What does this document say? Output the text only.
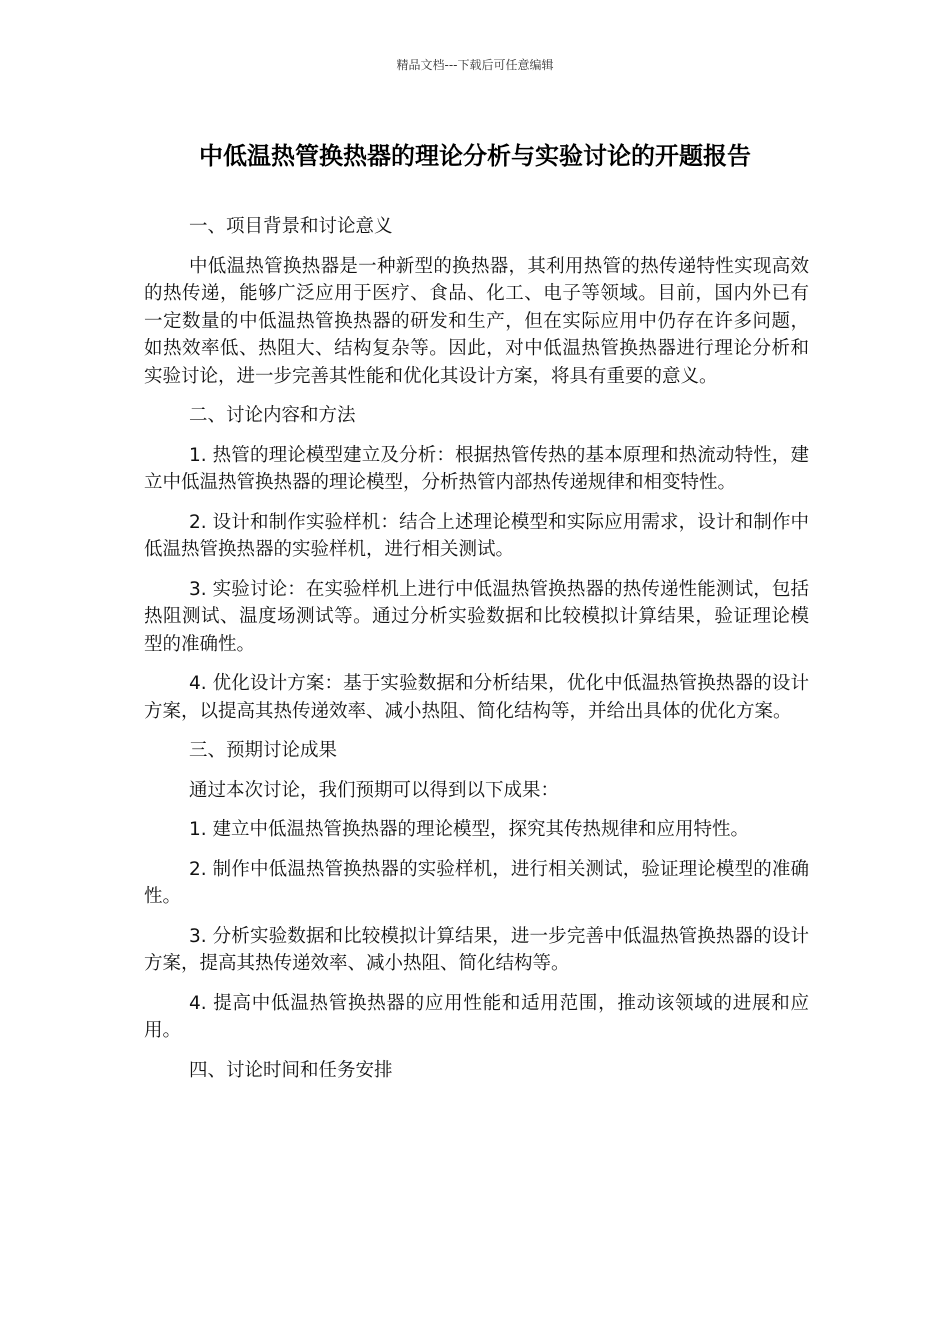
精品文档---下载后可任意编辑
中低温热管换热器的理论分析与实验讨论的开题报告

一、项目背景和讨论意义

中低温热管换热器是一种新型的换热器，其利用热管的热传递特性实现高效的热传递，能够广泛应用于医疗、食品、化工、电子等领域。目前，国内外已有一定数量的中低温热管换热器的研发和生产，但在实际应用中仍存在许多问题，如热效率低、热阻大、结构复杂等。因此，对中低温热管换热器进行理论分析和实验讨论，进一步完善其性能和优化其设计方案，将具有重要的意义。

二、讨论内容和方法

1. 热管的理论模型建立及分析：根据热管传热的基本原理和热流动特性，建立中低温热管换热器的理论模型，分析热管内部热传递规律和相变特性。

2. 设计和制作实验样机：结合上述理论模型和实际应用需求，设计和制作中低温热管换热器的实验样机，进行相关测试。

3. 实验讨论：在实验样机上进行中低温热管换热器的热传递性能测试，包括热阻测试、温度场测试等。通过分析实验数据和比较模拟计算结果，验证理论模型的准确性。

4. 优化设计方案：基于实验数据和分析结果，优化中低温热管换热器的设计方案，以提高其热传递效率、减小热阻、简化结构等，并给出具体的优化方案。

三、预期讨论成果

通过本次讨论，我们预期可以得到以下成果：

1. 建立中低温热管换热器的理论模型，探究其传热规律和应用特性。

2. 制作中低温热管换热器的实验样机，进行相关测试，验证理论模型的准确性。

3. 分析实验数据和比较模拟计算结果，进一步完善中低温热管换热器的设计方案，提高其热传递效率、减小热阻、简化结构等。

4. 提高中低温热管换热器的应用性能和适用范围，推动该领域的进展和应用。

四、讨论时间和任务安排
